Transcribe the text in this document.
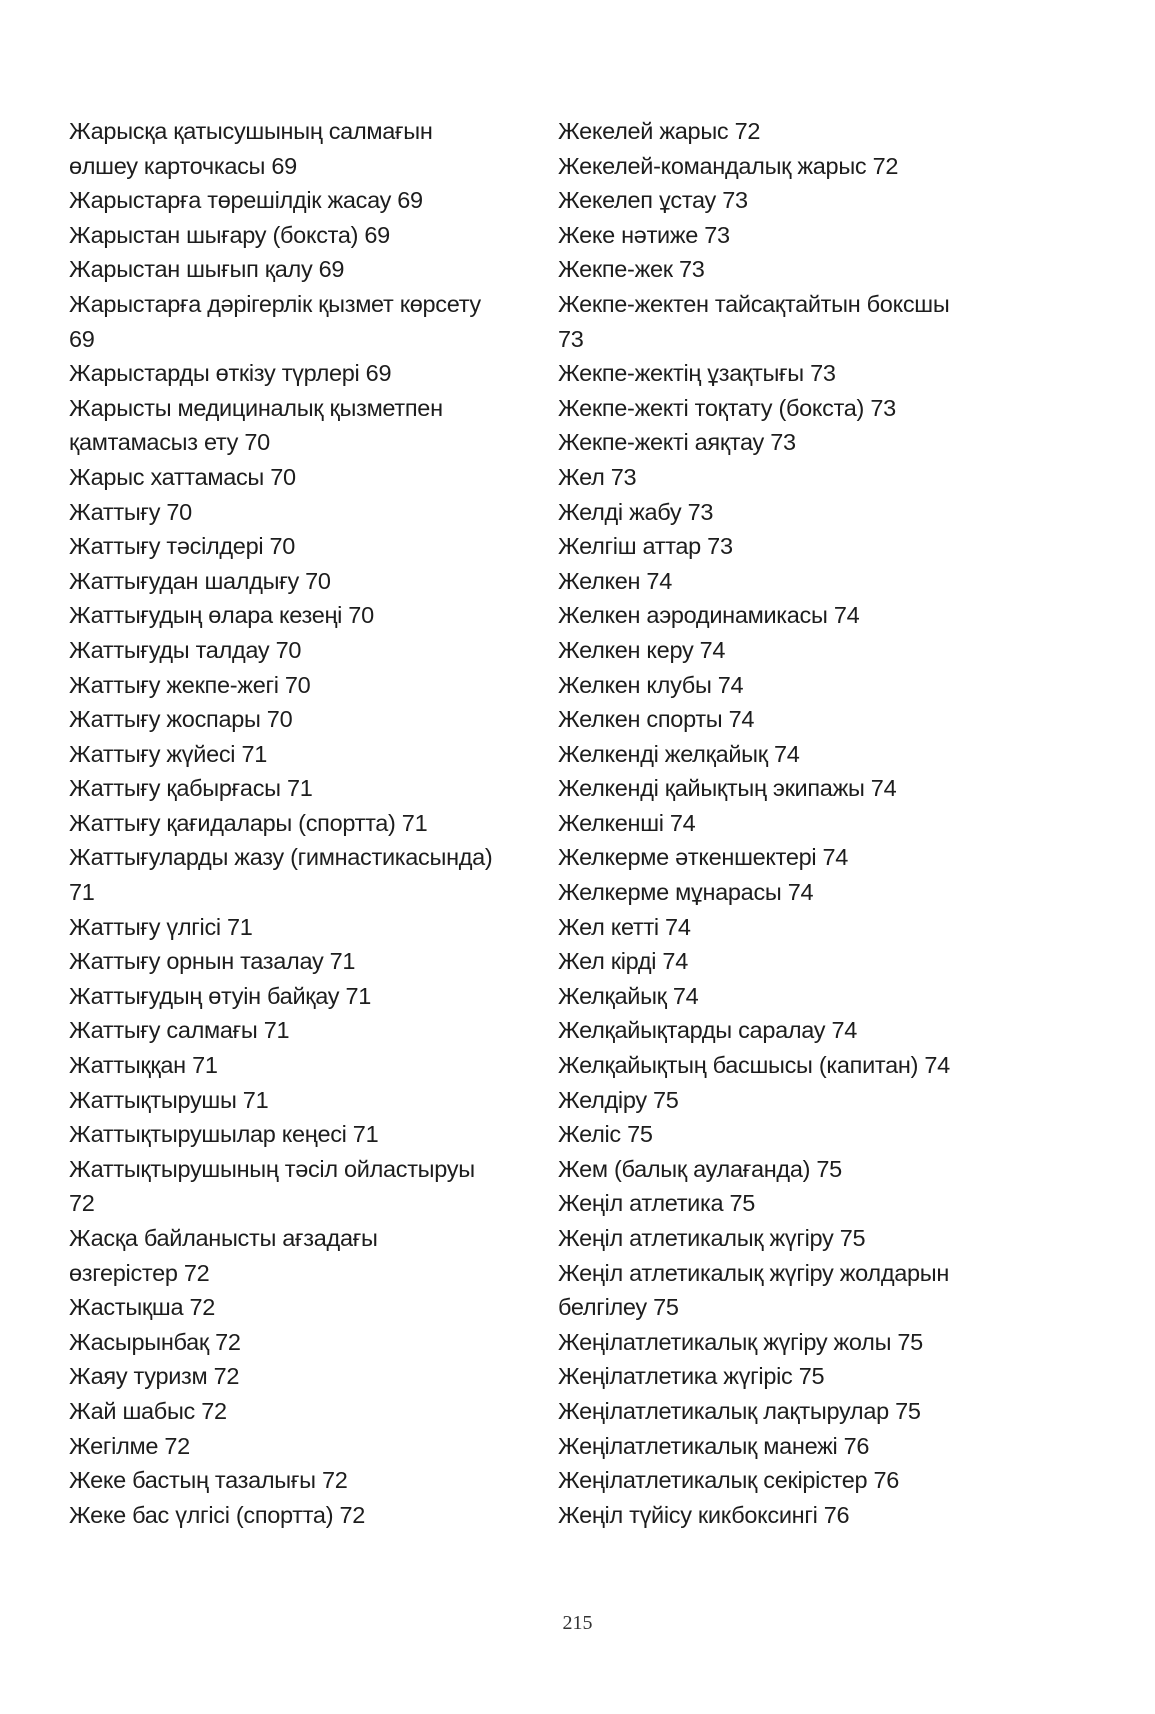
Жарысқа қатысушының салмағын
өлшеу карточкасы 69
Жарыстарға төрешілдік жасау 69
Жарыстан шығару (бокста) 69
Жарыстан шығып қалу 69
Жарыстарға дәрігерлік қызмет көрсету
69
Жарыстарды өткізу түрлері 69
Жарысты медициналық қызметпен
қамтамасыз ету 70
Жарыс хаттамасы 70
Жаттығу 70
Жаттығу тәсілдері 70
Жаттығудан шалдығу 70
Жаттығудың өлара кезеңі 70
Жаттығуды талдау 70
Жаттығу жекпе-жегі 70
Жаттығу жоспары 70
Жаттығу жүйесі 71
Жаттығу қабырғасы 71
Жаттығу қағидалары (спортта) 71
Жаттығуларды жазу (гимнастикасында)
71
Жаттығу үлгісі 71
Жаттығу орнын тазалау 71
Жаттығудың өтуін байқау 71
Жаттығу салмағы 71
Жаттыққан 71
Жаттықтырушы 71
Жаттықтырушылар кеңесі 71
Жаттықтырушының тәсіл ойластыруы
72
Жасқа байланысты ағзадағы
өзгерістер 72
Жастықша 72
Жасырынбақ 72
Жаяу туризм 72
Жай шабыс 72
Жегілме 72
Жеке бастың тазалығы 72
Жеке бас үлгісі (спортта) 72
Жекелей жарыс 72
Жекелей-командалық жарыс 72
Жекелеп ұстау 73
Жеке нәтиже 73
Жекпе-жек 73
Жекпе-жектен тайсақтайтын боксшы
73
Жекпе-жектің ұзақтығы 73
Жекпе-жекті тоқтату (бокста) 73
Жекпе-жекті аяқтау 73
Жел 73
Желді жабу 73
Желгіш аттар 73
Желкен 74
Желкен аэродинамикасы 74
Желкен керу 74
Желкен клубы 74
Желкен спорты 74
Желкенді желқайық 74
Желкенді қайықтың экипажы 74
Желкенші 74
Желкерме әткеншектері 74
Желкерме мұнарасы 74
Жел кетті 74
Жел кірді 74
Желқайық 74
Желқайықтарды саралау 74
Желқайықтың басшысы (капитан) 74
Желдіру 75
Желіс 75
Жем (балық аулағанда) 75
Жеңіл атлетика 75
Жеңіл атлетикалық жүгіру 75
Жеңіл атлетикалық жүгіру жолдарын
белгілеу 75
Жеңілатлетикалық жүгіру жолы 75
Жеңілатлетика жүгіріс 75
Жеңілатлетикалық лақтырулар 75
Жеңілатлетикалық манежі 76
Жеңілатлетикалық секірістер 76
Жеңіл түйісу кикбоксингі 76
215
